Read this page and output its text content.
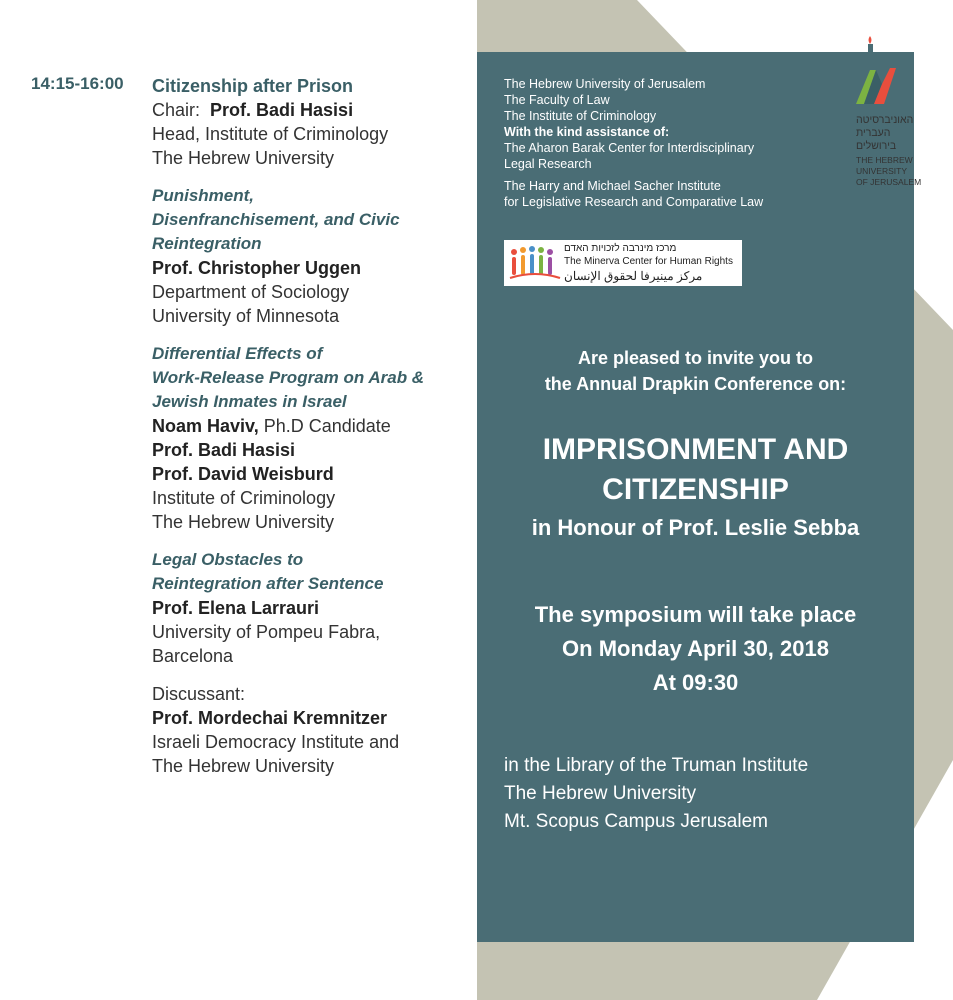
14:15-16:00 Citizenship after Prison
Chair: Prof. Badi Hasisi
Head, Institute of Criminology
The Hebrew University
Punishment,
Disenfranchisement, and Civic
Reintegration
Prof. Christopher Uggen
Department of Sociology
University of Minnesota
Differential Effects of
Work-Release Program on Arab &
Jewish Inmates in Israel
Noam Haviv, Ph.D Candidate
Prof. Badi Hasisi
Prof. David Weisburd
Institute of Criminology
The Hebrew University
Legal Obstacles to
Reintegration after Sentence
Prof. Elena Larrauri
University of Pompeu Fabra,
Barcelona
Discussant:
Prof. Mordechai Kremnitzer
Israeli Democracy Institute and
The Hebrew University
The Hebrew University of Jerusalem
The Faculty of Law
The Institute of Criminology
With the kind assistance of:
The Aharon Barak Center for Interdisciplinary
Legal Research
The Harry and Michael Sacher Institute
for Legislative Research and Comparative Law
מרכז מינרבה לזכויות האדם
The Minerva Center for Human Rights
مركز مينيرفا لحقوق الإنسان
Are pleased to invite you to
the Annual Drapkin Conference on:
IMPRISONMENT AND
CITIZENSHIP
in Honour of Prof. Leslie Sebba
The symposium will take place
On Monday April 30, 2018
At 09:30
in the Library of the Truman Institute
The Hebrew University
Mt. Scopus Campus Jerusalem
האוניברסיטה
העברית
בירושלים
THE HEBREW
UNIVERSITY
OF JERUSALEM
